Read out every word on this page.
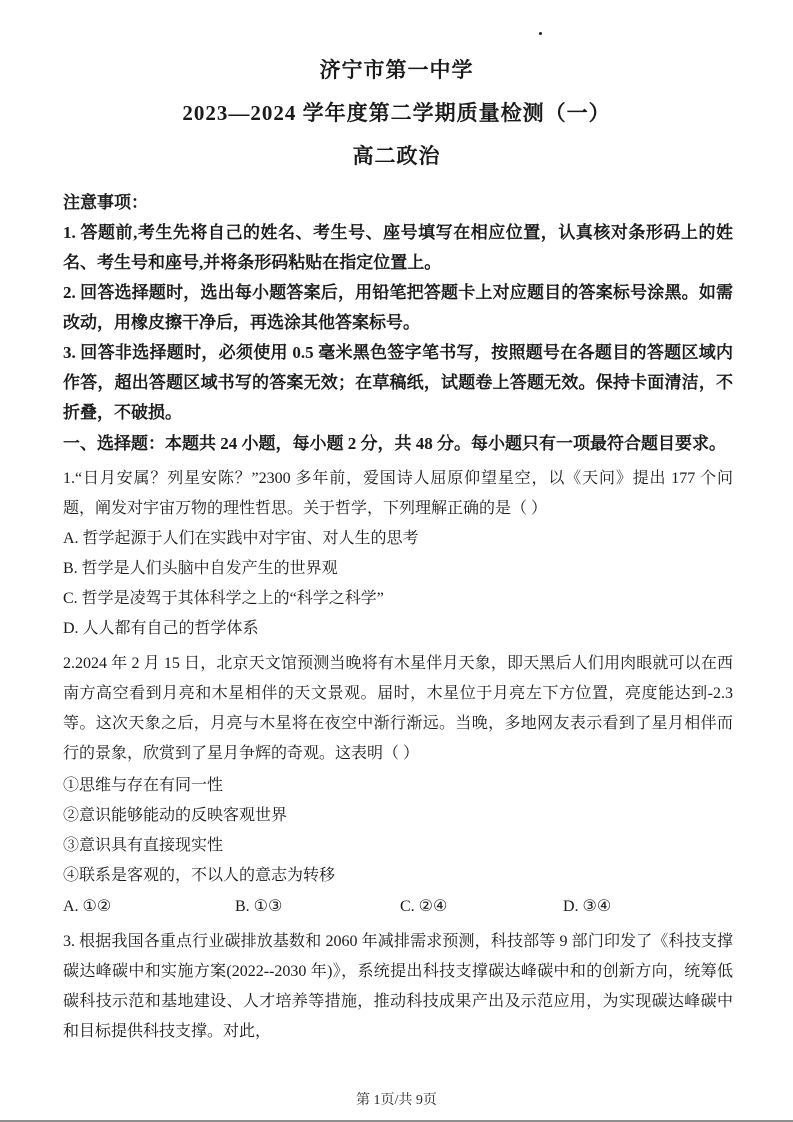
济宁市第一中学
2023—2024 学年度第二学期质量检测（一）
高二政治

注意事项：

1. 答题前,考生先将自己的姓名、考生号、座号填写在相应位置，认真核对条形码上的姓名、考生号和座号,并将条形码粘贴在指定位置上。

2. 回答选择题时，选出每小题答案后，用铅笔把答题卡上对应题目的答案标号涂黑。如需改动，用橡皮擦干净后，再选涂其他答案标号。

3. 回答非选择题时，必须使用 0.5 毫米黑色签字笔书写，按照题号在各题目的答题区域内作答，超出答题区域书写的答案无效；在草稿纸，试题卷上答题无效。保持卡面清洁，不折叠，不破损。

一、选择题：本题共 24 小题，每小题 2 分，共 48 分。每小题只有一项最符合题目要求。

1.“日月安属？列星安陈？”2300 多年前，爱国诗人屈原仰望星空，以《天问》提出 177 个问题，阐发对宇宙万物的理性哲思。关于哲学，下列理解正确的是（ ）

A. 哲学起源于人们在实践中对宇宙、对人生的思考

B. 哲学是人们头脑中自发产生的世界观

C. 哲学是凌驾于其体科学之上的“科学之科学”

D. 人人都有自己的哲学体系

2.2024 年 2 月 15 日，北京天文馆预测当晚将有木星伴月天象，即天黑后人们用肉眼就可以在西南方高空看到月亮和木星相伴的天文景观。届时，木星位于月亮左下方位置，亮度能达到-2.3 等。这次天象之后，月亮与木星将在夜空中渐行渐远。当晚，多地网友表示看到了星月相伴而行的景象，欣赏到了星月争辉的奇观。这表明（ ）

①思维与存在有同一性

②意识能够能动的反映客观世界

③意识具有直接现实性

④联系是客观的，不以人的意志为转移

A. ①②	B. ①③	C. ②④	D. ③④

3. 根据我国各重点行业碳排放基数和 2060 年减排需求预测，科技部等 9 部门印发了《科技支撑碳达峰碳中和实施方案(2022--2030 年)》，系统提出科技支撑碳达峰碳中和的创新方向，统筹低碳科技示范和基地建设、人才培养等措施，推动科技成果产出及示范应用，为实现碳达峰碳中和目标提供科技支撑。对此，

第 1页/共 9页
